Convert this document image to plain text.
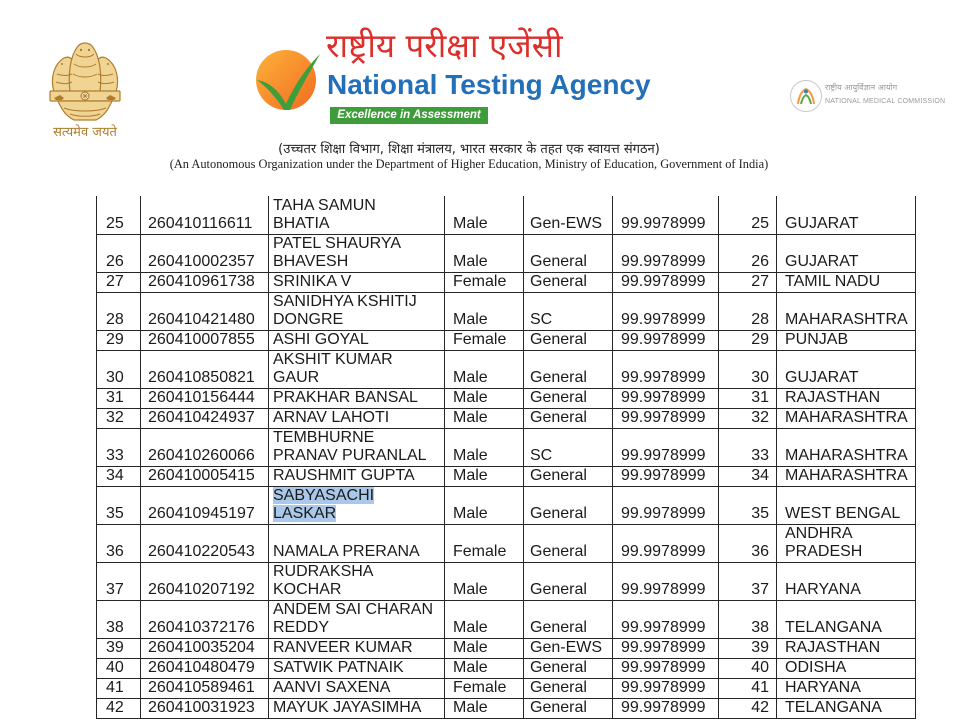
सत्यमेव जयते
राष्ट्रीय परीक्षा एजेंसी
National Testing Agency
Excellence in Assessment
राष्ट्रीय आयुर्विज्ञान आयोग
NATIONAL MEDICAL COMMISSION
(उच्चतर शिक्षा विभाग, शिक्षा मंत्रालय, भारत सरकार के तहत एक स्वायत्त संगठन)
(An Autonomous Organization under the Department of Higher Education, Ministry of Education, Government of India)
25	260410116611	TAHA SAMUN
BHATIA	Male	Gen-EWS	99.9978999	25	GUJARAT
26	260410002357	PATEL SHAURYA
BHAVESH	Male	General	99.9978999	26	GUJARAT
27	260410961738	SRINIKA V	Female	General	99.9978999	27	TAMIL NADU
28	260410421480	SANIDHYA KSHITIJ
DONGRE	Male	SC	99.9978999	28	MAHARASHTRA
29	260410007855	ASHI GOYAL	Female	General	99.9978999	29	PUNJAB
30	260410850821	AKSHIT KUMAR
GAUR	Male	General	99.9978999	30	GUJARAT
31	260410156444	PRAKHAR BANSAL	Male	General	99.9978999	31	RAJASTHAN
32	260410424937	ARNAV LAHOTI	Male	General	99.9978999	32	MAHARASHTRA
33	260410260066	TEMBHURNE
PRANAV PURANLAL	Male	SC	99.9978999	33	MAHARASHTRA
34	260410005415	RAUSHMIT GUPTA	Male	General	99.9978999	34	MAHARASHTRA
35	260410945197	SABYASACHI
LASKAR	Male	General	99.9978999	35	WEST BENGAL
36	260410220543	NAMALA PRERANA	Female	General	99.9978999	36	ANDHRA
PRADESH
37	260410207192	RUDRAKSHA
KOCHAR	Male	General	99.9978999	37	HARYANA
38	260410372176	ANDEM SAI CHARAN
REDDY	Male	General	99.9978999	38	TELANGANA
39	260410035204	RANVEER KUMAR	Male	Gen-EWS	99.9978999	39	RAJASTHAN
40	260410480479	SATWIK PATNAIK	Male	General	99.9978999	40	ODISHA
41	260410589461	AANVI SAXENA	Female	General	99.9978999	41	HARYANA
42	260410031923	MAYUK JAYASIMHA	Male	General	99.9978999	42	TELANGANA
